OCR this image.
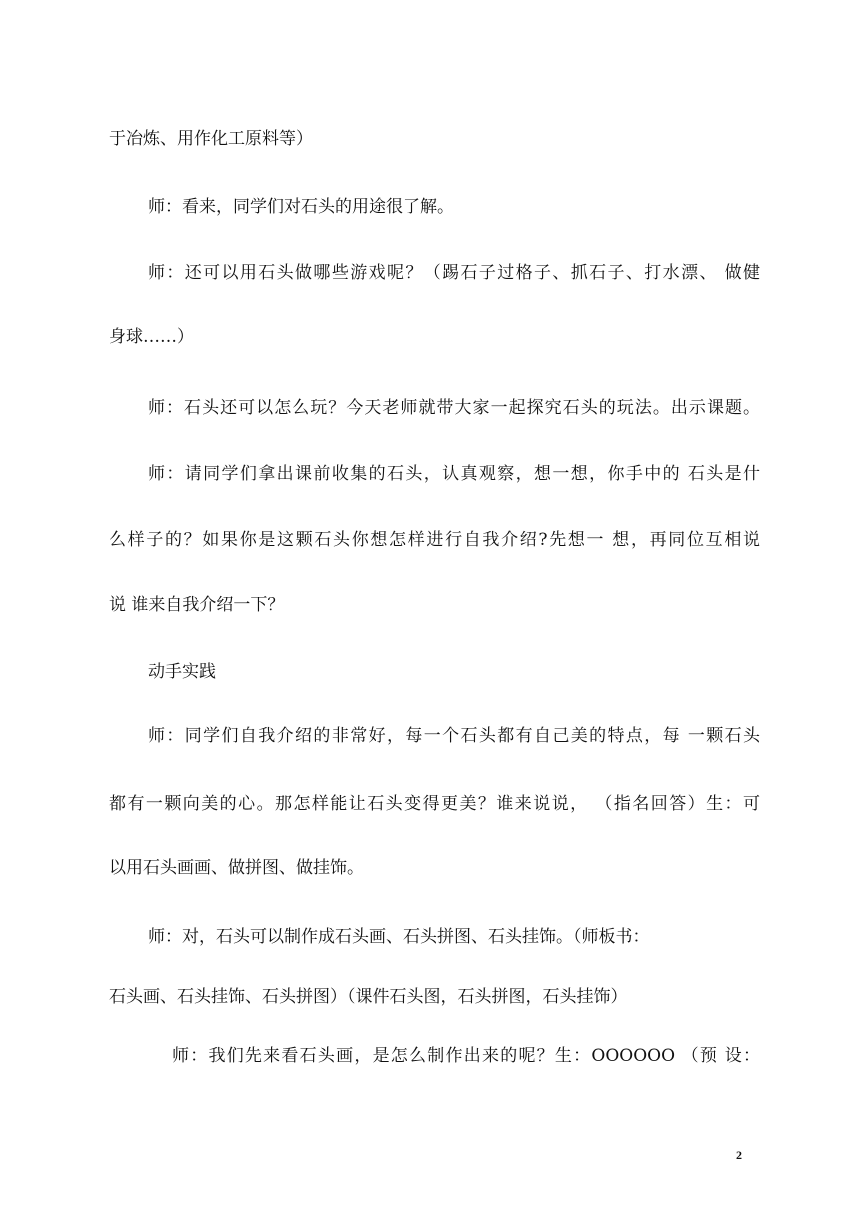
于冶炼、用作化工原料等）
师：看来，同学们对石头的用途很了解。
师：还可以用石头做哪些游戏呢？（踢石子过格子、抓石子、打水漂、 做健
身球……）
师：石头还可以怎么玩？今天老师就带大家一起探究石头的玩法。出示课题。
师：请同学们拿出课前收集的石头，认真观察，想一想，你手中的 石头是什
么样子的？如果你是这颗石头你想怎样进行自我介绍?先想一 想，再同位互相说
说 谁来自我介绍一下？
动手实践
师：同学们自我介绍的非常好，每一个石头都有自己美的特点，每 一颗石头
都有一颗向美的心。那怎样能让石头变得更美？谁来说说， （指名回答）生：可
以用石头画画、做拼图、做挂饰。
师：对，石头可以制作成石头画、石头拼图、石头挂饰。（师板书：
石头画、石头挂饰、石头拼图）（课件石头图，石头拼图，石头挂饰）
师：我们先来看石头画，是怎么制作出来的呢？生：OOOOOO （预 设：
2
